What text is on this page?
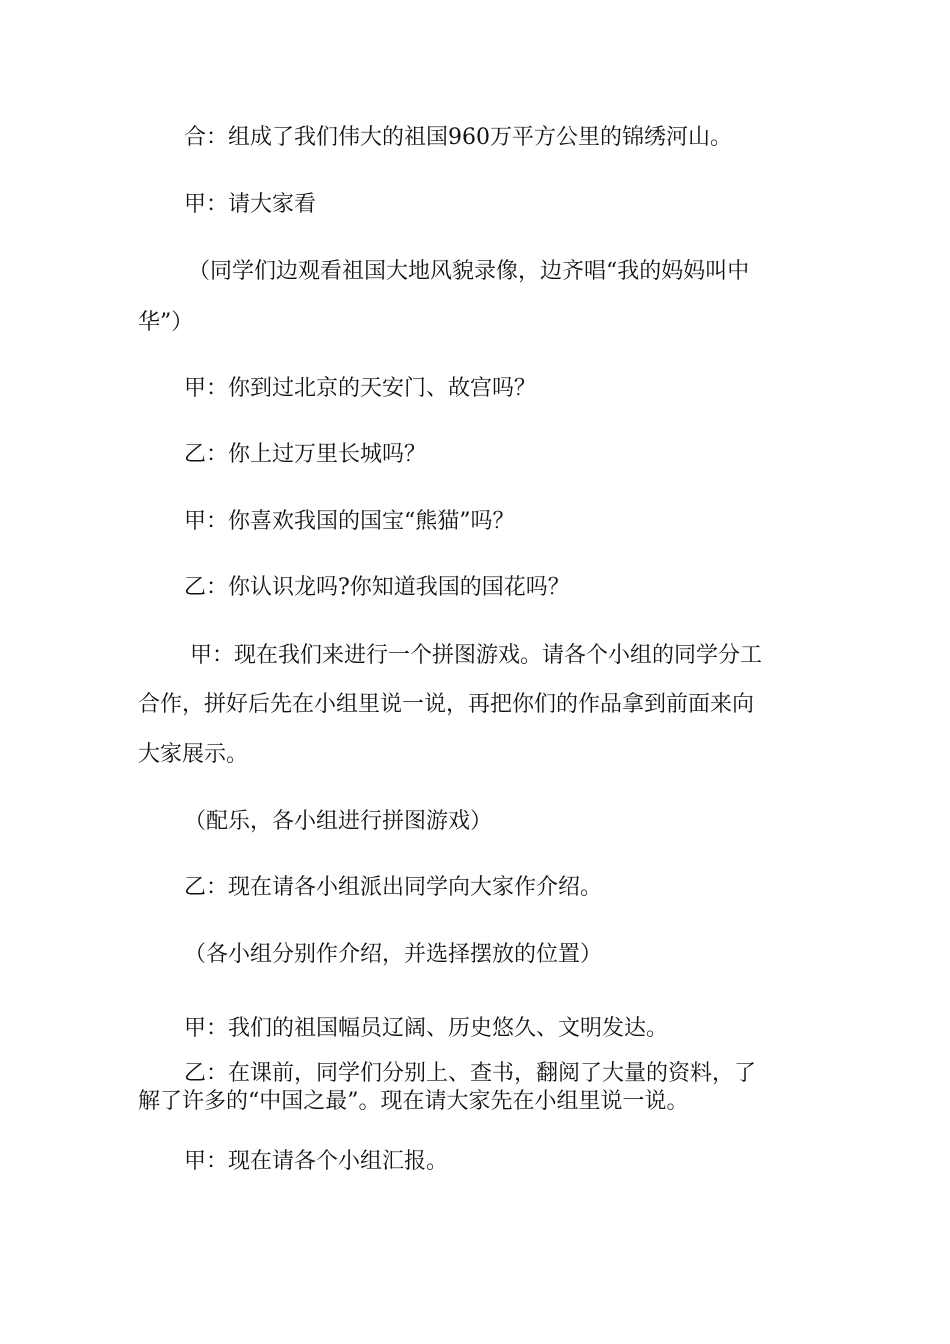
合：组成了我们伟大的祖国960万平方公里的锦绣河山。

甲：请大家看

（同学们边观看祖国大地风貌录像，边齐唱“我的妈妈叫中

华”）

甲：你到过北京的天安门、故宫吗？

乙：你上过万里长城吗？

甲：你喜欢我国的国宝“熊猫”吗？

乙：你认识龙吗?你知道我国的国花吗？

甲：现在我们来进行一个拼图游戏。请各个小组的同学分工

合作，拼好后先在小组里说一说，再把你们的作品拿到前面来向

大家展示。

（配乐，各小组进行拼图游戏）

乙：现在请各小组派出同学向大家作介绍。

（各小组分别作介绍，并选择摆放的位置）

甲：我们的祖国幅员辽阔、历史悠久、文明发达。

乙：在课前，同学们分别上、查书，翻阅了大量的资料，了

解了许多的“中国之最”。现在请大家先在小组里说一说。

甲：现在请各个小组汇报。
